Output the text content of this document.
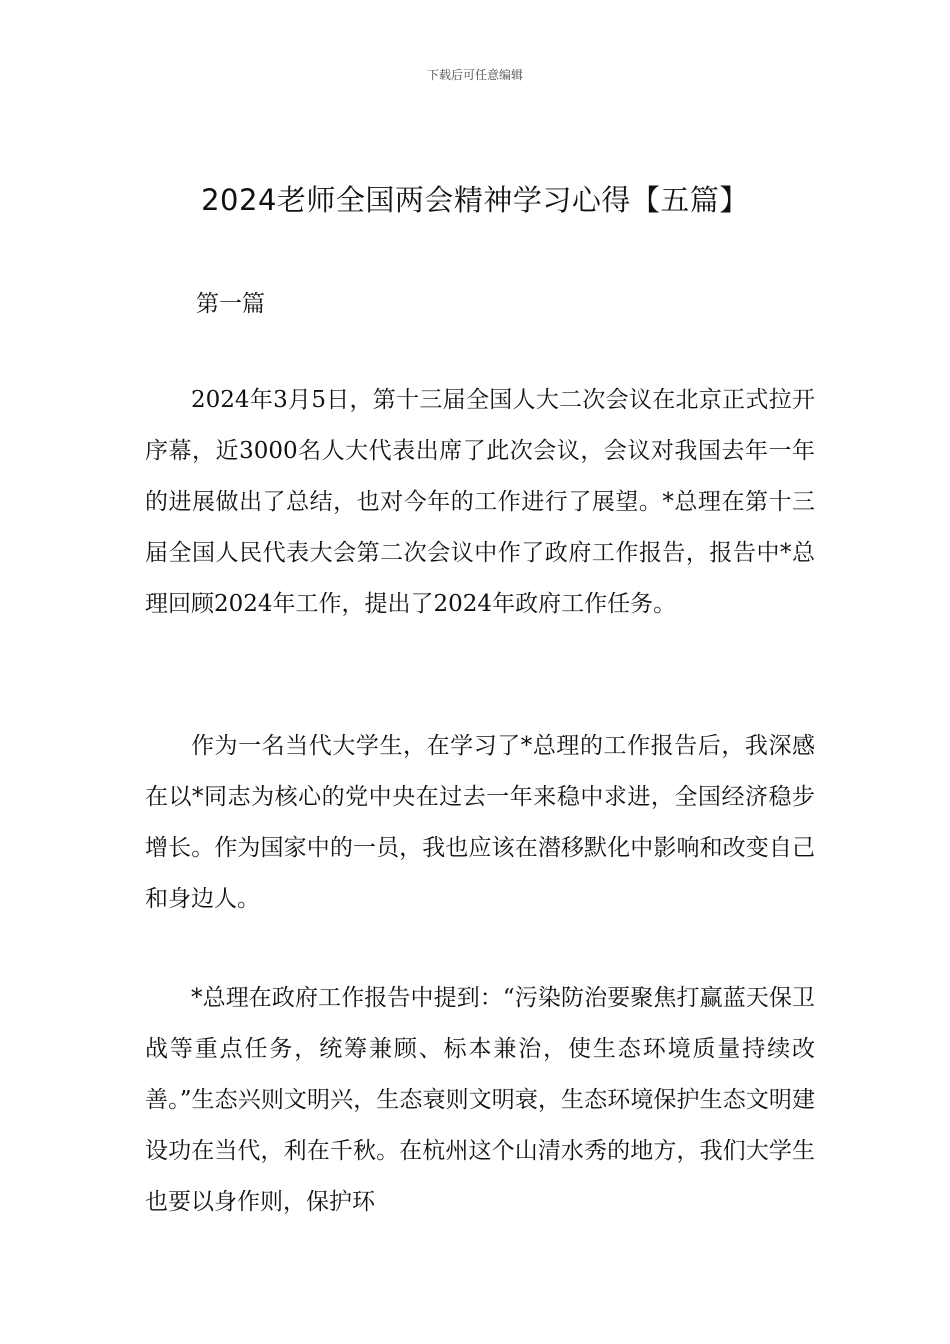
下载后可任意编辑
2024老师全国两会精神学习心得【五篇】
第一篇

2024年3月5日，第十三届全国人大二次会议在北京正式拉开序幕，近3000名人大代表出席了此次会议，会议对我国去年一年的进展做出了总结，也对今年的工作进行了展望。*总理在第十三届全国人民代表大会第二次会议中作了政府工作报告，报告中*总理回顾2024年工作，提出了2024年政府工作任务。

作为一名当代大学生，在学习了*总理的工作报告后，我深感在以*同志为核心的党中央在过去一年来稳中求进，全国经济稳步增长。作为国家中的一员，我也应该在潜移默化中影响和改变自己和身边人。

*总理在政府工作报告中提到：“污染防治要聚焦打赢蓝天保卫战等重点任务，统筹兼顾、标本兼治，使生态环境质量持续改善。”生态兴则文明兴，生态衰则文明衰，生态环境保护生态文明建设功在当代，利在千秋。在杭州这个山清水秀的地方，我们大学生也要以身作则，保护环
